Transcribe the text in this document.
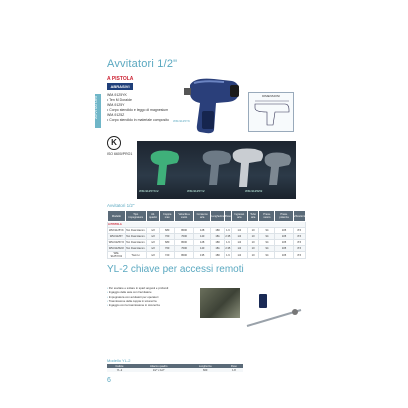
AVVITATORI
Avvitatori 1/2"
A PISTOLA
ABRASIVI
WM-9125YK
• Ten M Doraide
WM-9125Y
• Corpo stendido e leggo di magnesium
WM-9125Z
• Corpo stendido in materiale composito
K
ISO 6600/PRO1
WM-9125YK
DIMENSIONI
WM-9125YK/2	WM-9125Y/2	WM-9125Z/2
Avvitatori 1/2"
Modello	Tipo impugnatura	Att. quadro	Coppia max	Velocità a vuoto	Consumo aria	Lunghezza	Peso	Ingresso aria	Tubo aria	Press. suono	Press. potenza	Vibrazioni
A PISTOLA												
WM-9125YK	Ten Dual Hamm.	1/2	680	8000	128	180	1.9	1/4	10	94	105	8.5
WM-9125Y	Ten Dual Hamm.	1/2	760	7000	140	181	2.35	1/4	10	94	105	8.5
WM-9125Y/2	Ten Dual Hamm.	1/2	680	8000	128	180	1.9	1/4	10	94	105	8.5
WM-9125Z/2	Ten Dual Hamm.	1/2	760	7000	140	181	2.35	1/4	10	94	105	8.5
WM-9125YX/2	Twin H.	1/2	720	8000	135	180	1.9	1/4	10	94	105	8.5
YL-2 chiave per accessi remoti
• Per avvitare e svitare in spazi angusti e profondi
• Ingaggio delle aste con l'avvitatore
• Impugnatura con avvitatori per operatori
• Trasmissione della coppia in sicurezza
• Ingaggio con la trasmissione in sicurezza
Modello YL-2
Codice	Attacco quadro	Lunghezza	Peso
YL-2	1/2" x 1/2"	600	1.8
6
